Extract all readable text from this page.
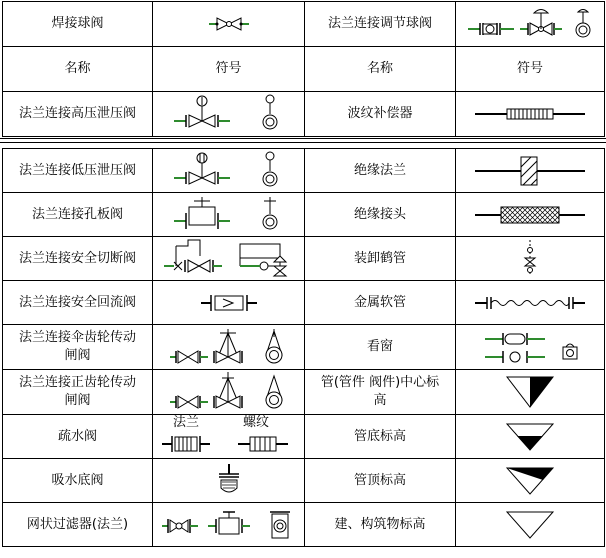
焊接球阀		法兰连接调节球阀	

名称	符号	名称	符号
法兰连接高压泄压阀		波纹补偿器	
法兰连接低压泄压阀		绝缘法兰	

法兰连接孔板阀		绝缘接头	

法兰连接安全切断阀		装卸鹤管	

法兰连接安全回流阀		金属软管	

法兰连接伞齿轮传动
闸阀		看窗	

法兰连接正齿轮传动
闸阀		管(管件 阀件)中心标
高

疏水阀	法兰 螺纹	管底标高	

吸水底阀		管顶标高	

网状过滤器(法兰)		建、构筑物标高	
